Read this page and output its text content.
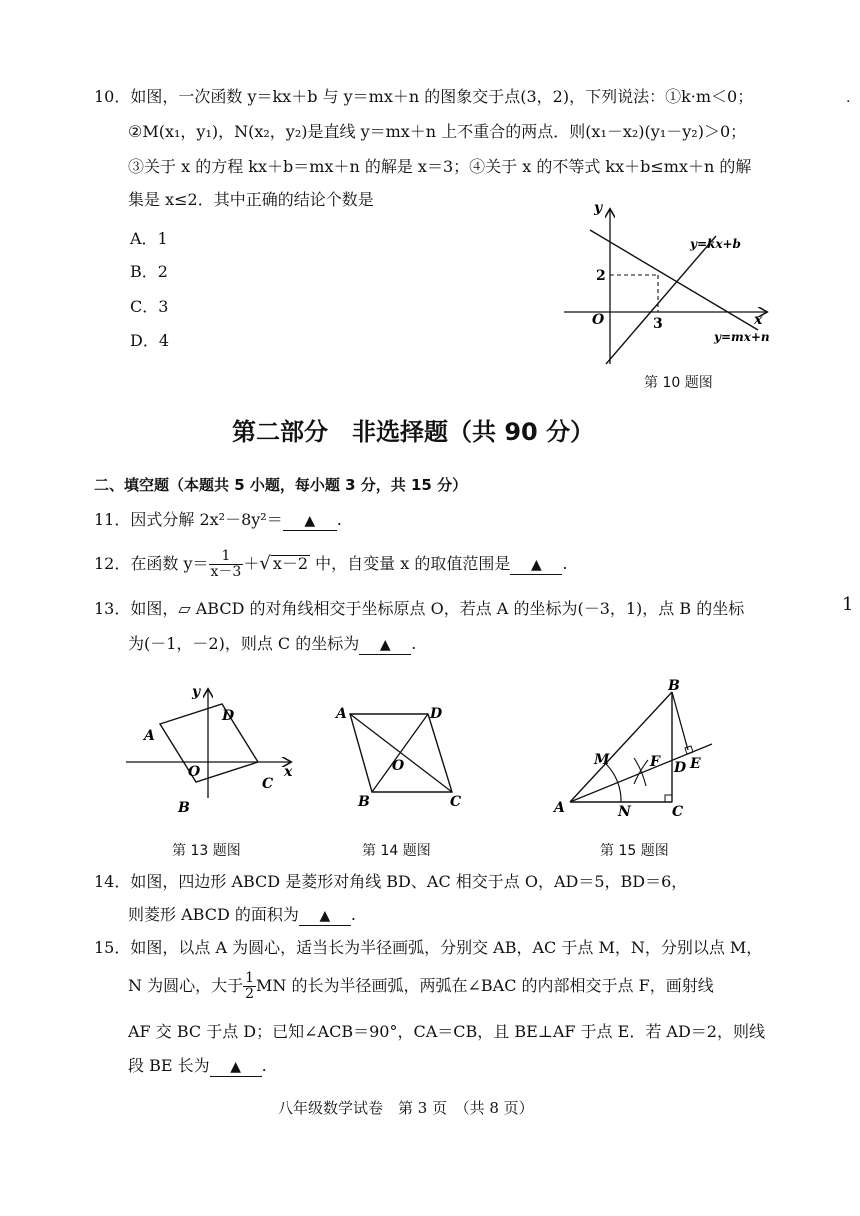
.
1
10．如图，一次函数 y＝kx＋b 与 y＝mx＋n 的图象交于点(3，2)，下列说法：①k·m＜0；
②M(x₁，y₁)，N(x₂，y₂)是直线 y＝mx＋n 上不重合的两点．则(x₁－x₂)(y₁－y₂)＞0；
③关于 x 的方程 kx＋b＝mx＋n 的解是 x＝3；④关于 x 的不等式 kx＋b≤mx＋n 的解
集是 x≤2．其中正确的结论个数是
A．1
B．2
C．3
D．4
y
x
O
2
3
y=kx+b
y=mx+n
第 10 题图
第二部分　非选择题（共 90 分）
二、填空题（本题共 5 小题，每小题 3 分，共 15 分）
11．因式分解 2x²－8y²＝ ▲ .
12．在函数 $y= \frac{1}{x-3}$ ＋√ x－2 中，自变量 x 的取值范围是 ▲ .
13．如图，▱ ABCD 的对角线相交于坐标原点 O，若点 A 的坐标为(－3，1)，点 B 的坐标
为(－1，－2)，则点 C 的坐标为 ▲ .
y
x
A
D
C
B
O
第 13 题图
A	D
B	C
O
第 14 题图
B
A	C
M
N
F D E
第 15 题图
14．如图，四边形 ABCD 是菱形对角线 BD、AC 相交于点 O，AD＝5，BD＝6，
则菱形 ABCD 的面积为 ▲ .
15．如图，以点 A 为圆心，适当长为半径画弧，分别交 AB，AC 于点 M，N，分别以点 M，
N 为圆心，大于 $\frac{1}{2}$ MN 的长为半径画弧，两弧在∠BAC 的内部相交于点 F，画射线
AF 交 BC 于点 D；已知∠ACB＝90°，CA＝CB，且 BE⊥AF 于点 E．若 AD＝2，则线
段 BE 长为 ▲ .
八年级数学试卷　第 3 页　（共 8 页）
